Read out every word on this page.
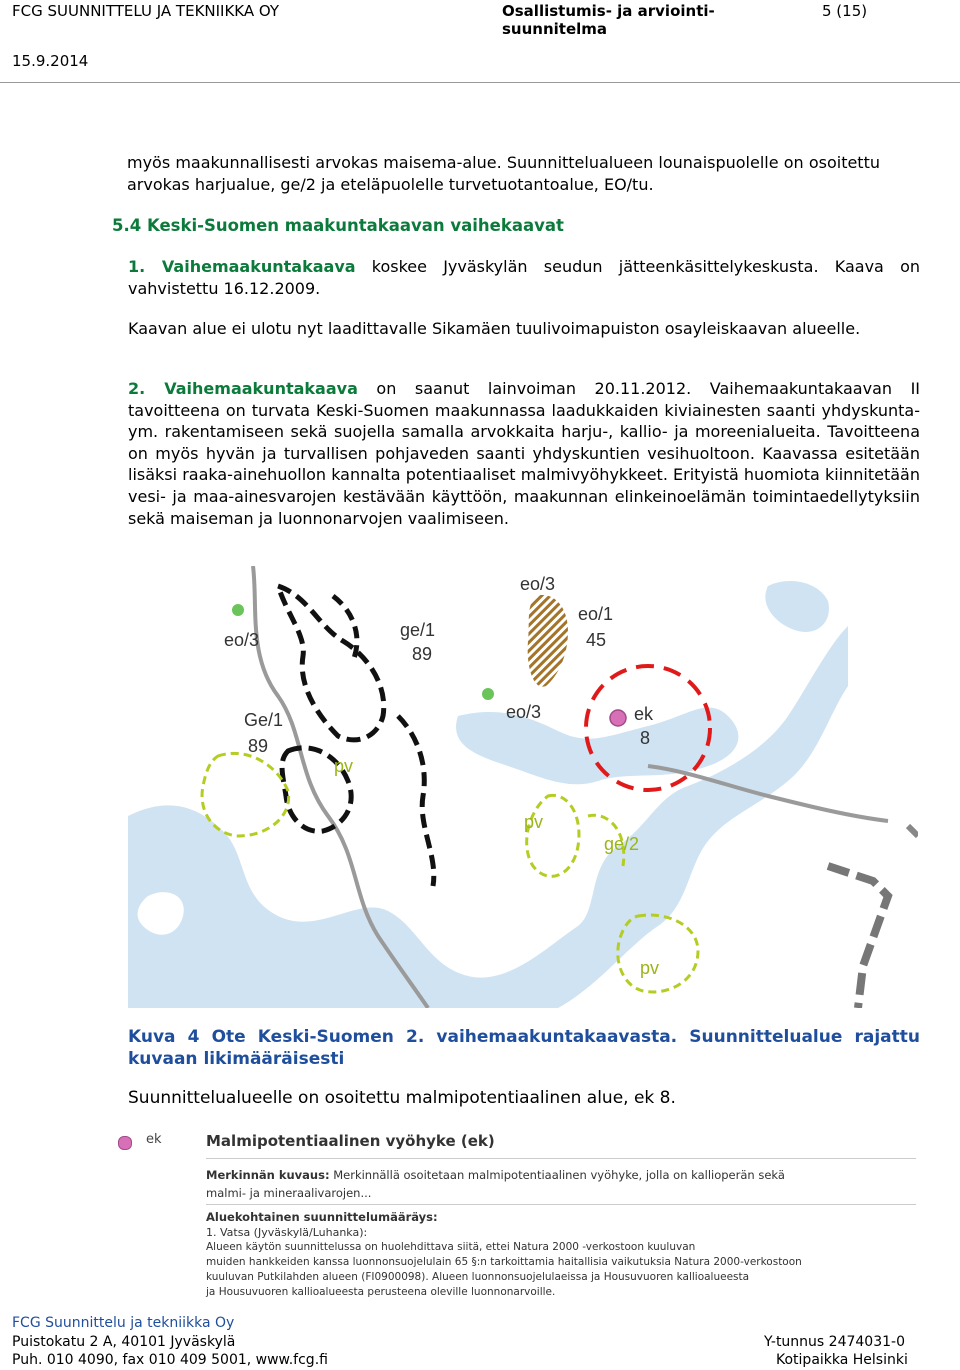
FCG SUUNNITTELU JA TEKNIIKKA OY	Osallistumis- ja arviointi-
suunnitelma
5 (15)
15.9.2014
myös maakunnallisesti arvokas maisema-alue. Suunnittelualueen lounaispuolelle on osoitettu arvokas harjualue, ge/2 ja eteläpuolelle turvetuotantoalue, EO/tu.
5.4 Keski-Suomen maakuntakaavan vaihekaavat
1. Vaihemaakuntakaava koskee Jyväskylän seudun jätteenkäsittelykeskusta. Kaava on vahvistettu 16.12.2009.
Kaavan alue ei ulotu nyt laadittavalle Sikamäen tuulivoimapuiston osayleiskaavan alueelle.
2. Vaihemaakuntakaava on saanut lainvoiman 20.11.2012. Vaihemaakuntakaavan II tavoitteena on turvata Keski-Suomen maakunnassa laadukkaiden kiviainesten saanti yhdyskunta- ym. rakentamiseen sekä suojella samalla arvokkaita harju-, kallio- ja moreenialueita. Tavoitteena on myös hyvän ja turvallisen pohjaveden saanti yhdyskuntien vesihuoltoon. Kaavassa esitetään lisäksi raaka-ainehuollon kannalta potentiaaliset malmivyöhykkeet. Erityistä huomiota kiinnitetään vesi- ja maa-ainesvarojen kestävään käyttöön, maakunnan elinkeinoelämän toimintaedellytyksiin sekä maiseman ja luonnonarvojen vaalimiseen.
eo/3
eo/3	ge/1
89
eo/1
45
ek
8
eo/3
Ge/1
89
pv
pv
ge/2
pv
Kuva 4 Ote Keski-Suomen 2. vaihemaakuntakaavasta. Suunnittelualue rajattu kuvaan likimääräisesti
Suunnittelualueelle on osoitettu malmipotentiaalinen alue, ek 8.
ek	Malmipotentiaalinen vyöhyke (ek)
Merkinnän kuvaus: Merkinnällä osoitetaan malmipotentiaalinen vyöhyke, jolla on kallioperän sekä
malmi- ja mineraalivarojen...
Aluekohtainen suunnittelumääräys:
1. Vatsa (Jyväskylä/Luhanka):
Alueen käytön suunnittelussa on huolehdittava siitä, ettei Natura 2000 -verkostoon kuuluvan
muiden hankkeiden kanssa luonnonsuojelulain 65 §:n tarkoittamia haitallisia vaikutuksia Natura 2000-verkostoon
kuuluvan Putkilahden alueen (FI0900098). Alueen luonnonsuojelulaeissa ja Housuvuoren kallioalueesta
ja Housuvuoren kallioalueesta perusteena oleville luonnonarvoille.
FCG Suunnittelu ja tekniikka Oy
Puistokatu 2 A, 40101 Jyväskylä
Puh. 010 4090, fax 010 409 5001, www.fcg.fi
Y-tunnus 2474031-0
Kotipaikka Helsinki
